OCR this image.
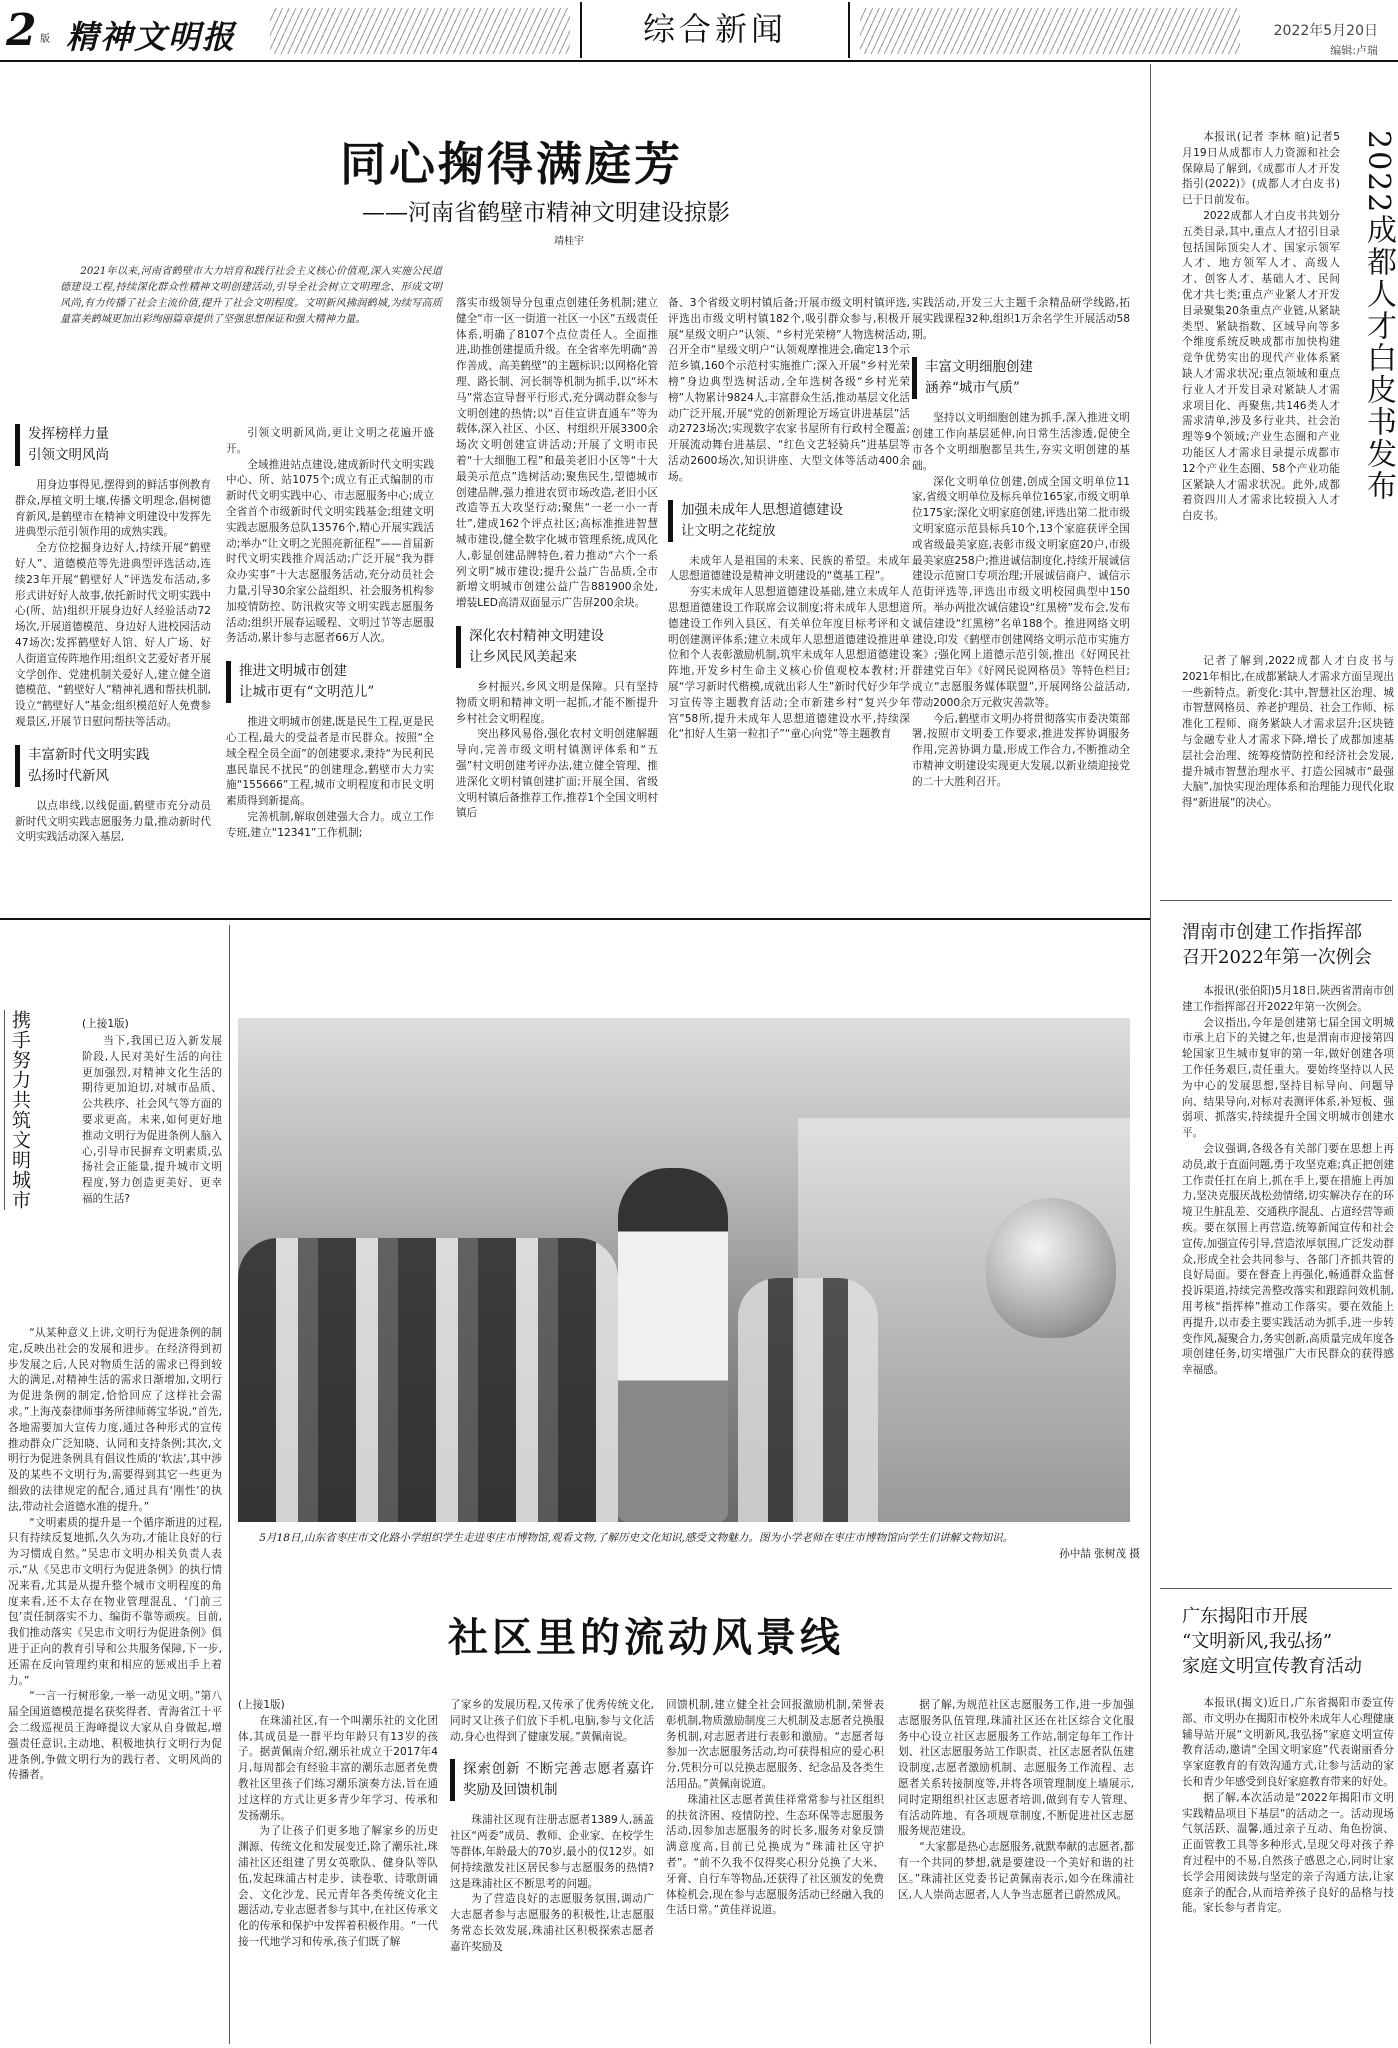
2 版 精神文明报	综合新闻	2022年5月20日
编辑:卢瑞
同心掬得满庭芳
——河南省鹤壁市精神文明建设掠影
靖桂宇
2021年以来,河南省鹤壁市大力培育和践行社会主义核心价值观,深入实施公民道德建设工程,持续深化群众性精神文明创建活动,引导全社会树立文明理念、形成文明风尚,有力传播了社会主流价值,提升了社会文明程度。文明新风拂润鹤城,为续写高质量富美鹤城更加出彩绚丽篇章提供了坚强思想保证和强大精神力量。
发挥榜样力量
引领文明风尚

用身边事得见,摆得到的鲜活事例教育群众,厚植文明土壤,传播文明理念,倡树德育新风,是鹤壁市在精神文明建设中发挥先进典型示范引领作用的成熟实践。

全方位挖掘身边好人,持续开展“鹤壁好人”、道德模范等先进典型评选活动,连续23年开展“鹤壁好人”评选发布活动,多形式讲好好人故事,依托新时代文明实践中心(所、站)组织开展身边好人经验活动72场次,开展道德模范、身边好人进校园活动47场次;发挥鹤壁好人馆、好人广场、好人街道宣传阵地作用;组织文艺爱好者开展文学创作、党建机制关爱好人,建立健全道德模范、“鹤壁好人”精神礼遇和帮扶机制,设立“鹤壁好人”基金;组织模范好人免费参观景区,开展节日慰问帮扶等活动。

丰富新时代文明实践
弘扬时代新风

以点串线,以线促面,鹤壁市充分动员新时代文明实践志愿服务力量,推动新时代文明实践活动深入基层,

引领文明新风尚,更让文明之花遍开盛开。

全域推进站点建设,建成新时代文明实践中心、所、站1075个;成立有正式编制的市新时代文明实践中心、市志愿服务中心;成立全省首个市级新时代文明实践基金;组建文明实践志愿服务总队13576个,精心开展实践活动;举办“让文明之光照亮新征程”——首届新时代文明实践推介周活动;广泛开展“我为群众办实事”十大志愿服务活动,充分动员社会力量,引导30余家公益组织、社会服务机构参加疫情防控、防汛救灾等文明实践志愿服务活动;组织开展春运暖程、文明过节等志愿服务活动,累计参与志愿者66万人次。

推进文明城市创建
让城市更有“文明范儿”

推进文明城市创建,既是民生工程,更是民心工程,最大的受益者是市民群众。按照“全域全程全员全面”的创建要求,秉持“为民利民惠民靠民不扰民”的创建理念,鹤壁市大力实施“155666”工程,城市文明程度和市民文明素质得到新提高。

完善机制,解取创建强大合力。成立工作专班,建立“12341”工作机制;

落实市级领导分包重点创建任务机制;建立健全“市一区一街道一社区一小区”五级责任体系,明确了8107个点位责任人。全面推进,助推创建提质升级。在全省率先明确“善作善成、高美鹤壁”的主题标识;以网格化管理、路长制、河长制等机制为抓手,以“坏木马”常态宣导督平行形式,充分调动群众参与文明创建的热情;以“百佳宣讲直通车”等为载体,深入社区、小区、村组织开展3300余场次文明创建宣讲活动;开展了文明市民着“十大细胞工程”和最美老旧小区等“十大最美示范点”选树活动;聚焦民生,望德城市创建品牌,强力推进农贸市场改造,老旧小区改造等五大攻坚行动;聚焦“一老一小一青壮”,建成162个评点社区;高标准推进智慧城市建设,健全数字化城市管理系统,成风化人,彰显创建品牌特色,着力推动“六个一系列文明”城市建设;提升公益广告品质,全市新增文明城市创建公益广告881900余处,增装LED高清双面显示广告屏200余块。

深化农村精神文明建设
让乡风民风美起来

乡村振兴,乡风文明是保障。只有坚持物质文明和精神文明一起抓,才能不断提升乡村社会文明程度。

突出移风易俗,强化农村文明创建解题导向,完善市级文明村镇测评体系和“五强”村文明创建考评办法,建立健全管理、推进深化文明村镇创建扩面;开展全国、省级文明村镇后备推荐工作,推荐1个全国文明村镇后

备、3个省级文明村镇后备;开展市级文明村镇评选,评选出市级文明村镇182个,吸引群众参与,积极开展“星级文明户”认领、“乡村光荣榜”人物选树活动,召开全市“星级文明户”认领观摩推进会,确定13个示范乡镇,160个示范村实施推广;深入开展“乡村光荣榜”身边典型选树活动,全年选树各级“乡村光荣榜”人物累计9824人,丰富群众生活,推动基层文化活动广泛开展,开展“党的创新理论万场宣讲进基层”活动2723场次;实现数字农家书屋所有行政村全覆盖;开展流动舞台进基层、“红色文艺轻骑兵”进基层等活动2600场次,知识讲座、大型文体等活动400余场。

加强未成年人思想道德建设
让文明之花绽放

未成年人是祖国的未来、民族的希望。未成年人思想道德建设是精神文明建设的“奠基工程”。

夯实未成年人思想道德建设基础,建立未成年人思想道德建设工作联席会议制度;将未成年人思想道德建设工作列入县区、有关单位年度目标考评和文明创建测评体系;建立未成年人思想道德建设推进单位和个人表彰激励机制,筑牢未成年人思想道德建设阵地,开发乡村生命主义核心价值观校本教材;开展“学习新时代楷模,成就出彩人生”新时代好少年学习宣传等主题教育活动;全市新建乡村“复兴少年宫”58所,提升未成年人思想道德建设水平,持续深化“扣好人生第一粒扣子”“童心向党”等主题教育

实践活动,开发三大主题千余精品研学线路,拓展实践课程32种,组织1万余名学生开展活动58期。

丰富文明细胞创建
涵养“城市气质”

坚持以文明细胞创建为抓手,深入推进文明创建工作向基层延伸,向日常生活渗透,促使全市各个文明细胞都呈共生,夯实文明创建的基础。

深化文明单位创建,创成全国文明单位11家,省级文明单位及标兵单位165家,市级文明单位175家;深化文明家庭创建,评选出第二批市级文明家庭示范县标兵10个,13个家庭获评全国或省级最美家庭,表彰市级文明家庭20户,市级最美家庭258户;推进诚信制度化,持续开展诚信建设示范窗口专项治理;开展诚信商户、诚信示范街评选等,评选出市级文明校园典型中150所。举办两批次诚信建设“红黑榜”发布会,发布诚信建设“红黑榜”名单188个。推进网络文明建设,印发《鹤壁市创建网络文明示范市实施方案》;强化网上道德示范引领,推出《好网民社群建党百年》《好网民说网格员》等特色栏目;成立“志愿服务媒体联盟”,开展网络公益活动,带动2000余万元救灾善款等。

今后,鹤壁市文明办将贯彻落实市委决策部署,按照市文明委工作要求,推进发挥协调服务作用,完善协调力量,形成工作合力,不断推动全市精神文明建设实现更大发展,以新业绩迎接党的二十大胜利召开。

2022成都人才白皮书发布

本报讯(记者 李林 暄)记者5月19日从成都市人力资源和社会保障局了解到,《成都市人才开发指引(2022)》(成都人才白皮书)已于日前发布。

2022成都人才白皮书共划分五类目录,其中,重点人才招引目录包括国际顶尖人才、国家示领军人才、地方领军人才、高级人才、创客人才、基础人才、民间优才共七类;重点产业紧人才开发目录聚集20条重点产业链,从紧缺类型、紧缺指数、区域导向等多个维度系统反映成都市加快构建竞争优势实出的现代产业体系紧缺人才需求状况;重点领域和重点行业人才开发目录对紧缺人才需求项目化、再聚焦,共146类人才需求清单,涉及多行业共、社会治理等9个领域;产业生态圈和产业功能区人才需求目录提示成都市12个产业生态圈、58个产业功能区紧缺人才需求状况。此外,成都着资四川人才需求比较损入人才白皮书。

记者了解到,2022成都人才白皮书与2021年相比,在成都紧缺人才需求方面呈现出一些新特点。新变化:其中,智慧社区治理、城市智慧网格员、养老护理员、社会工作师、标准化工程师、商务紧缺人才需求层升;区块链与金融专业人才需求下降,增长了成都加速基层社会治理、统筹疫情防控和经济社会发展,提升城市智慧治理水平、打造公园城市“最强大脑”,加快实现治理体系和治理能力现代化取得“新进展”的决心。

渭南市创建工作指挥部
召开2022年第一次例会

本报讯(张伯阳)5月18日,陕西省渭南市创建工作指挥部召开2022年第一次例会。

会议指出,今年是创建第七届全国文明城市承上启下的关键之年,也是渭南市迎接第四轮国家卫生城市复审的第一年,做好创建各项工作任务艰巨,责任重大。要始终坚持以人民为中心的发展思想,坚持目标导向、问题导向、结果导向,对标对表测评体系,补短板、强弱项、抓落实,持续提升全国文明城市创建水平。

会议强调,各级各有关部门要在思想上再动员,敢于直面问题,勇于攻坚克难;真正把创建工作责任扛在肩上,抓在手上,要在措施上再加力,坚决克服厌战松劲情绪,切实解决存在的环境卫生脏乱差、交通秩序混乱、占道经营等顽疾。要在氛围上再营造,统筹新闻宣传和社会宣传,加强宣传引导,营造浓厚氛围,广泛发动群众,形成全社会共同参与、各部门齐抓共管的良好局面。要在督查上再强化,畅通群众监督投诉渠道,持续完善整改落实和跟踪问效机制,用考核“指挥棒”推动工作落实。要在效能上再提升,以市委主要实践活动为抓手,进一步转变作风,凝聚合力,务实创新,高质量完成年度各项创建任务,切实增强广大市民群众的获得感幸福感。

广东揭阳市开展
“文明新风,我弘扬”
家庭文明宣传教育活动

本报讯(揭文)近日,广东省揭阳市委宣传部、市文明办在揭阳市校外未成年人心理健康辅导站开展“文明新风,我弘扬”家庭文明宣传教育活动,邀请“全国文明家庭”代表谢丽香分享家庭教育的有效沟通方式,让参与活动的家长和青少年感受到良好家庭教育带来的好处。

据了解,本次活动是“2022年揭阳市文明实践精品项目下基层”的活动之一。活动现场气氛活跃、温馨,通过亲子互动、角色扮演、正面管教工具等多种形式,呈现父母对孩子养育过程中的不易,自然孩子感恩之心,同时让家长学会用阅读鼓与坚定的亲子沟通方法,让家庭亲子的配合,从而培养孩子良好的品格与技能。家长参与者肯定。

携手努力共筑文明城市	(上接1版)

当下,我国已迈入新发展阶段,人民对美好生活的向往更加强烈,对精神文化生活的期待更加迫切,对城市品质、公共秩序、社会风气等方面的要求更高。未来,如何更好地推动文明行为促进条例人脑入心,引导市民摒弃文明素质,弘扬社会正能量,提升城市文明程度,努力创造更美好、更幸福的生活?

“从某种意义上讲,文明行为促进条例的制定,反映出社会的发展和进步。在经济得到初步发展之后,人民对物质生活的需求已得到较大的满足,对精神生活的需求日渐增加,文明行为促进条例的制定,恰恰回应了这样社会需求。”上海茂泰律师事务所律师蒋宝华说,“首先,各地需要加大宣传力度,通过各种形式的宣传推动群众广泛知晓、认同和支持条例;其次,文明行为促进条例具有倡议性质的‘软法’,其中涉及的某些不文明行为,需要得到其它一些更为细致的法律规定的配合,通过具有‘刚性’的执法,带动社会道德水准的提升。”

“文明素质的提升是一个循序渐进的过程,只有持续反复地抓,久久为功,才能让良好的行为习惯成自然。”吴忠市文明办相关负责人表示,“从《吴忠市文明行为促进条例》的执行情况来看,尤其是从提升整个城市文明程度的角度来看,还不太存在物业管理混乱、‘门前三包’责任制落实不力、编街不靠等顽疾。目前,我们推动落实《吴忠市文明行为促进条例》俱进于正向的教育引导和公共服务保障,下一步,还需在反向管理约束和相应的惩戒出手上着力。”

“一言一行树形象,一举一动见文明。”第八届全国道德模范提名获奖得者、青海省江十平会二级巡视员王海峰提议大家从自身做起,增强责任意识,主动地、积极地执行文明行为促进条例,争做文明行为的践行者、文明风尚的传播者。

5月18日,山东省枣庄市文化路小学组织学生走进枣庄市博物馆,观看文物,了解历史文化知识,感受文物魅力。图为小学老师在枣庄市博物馆向学生们讲解文物知识。
孙中喆 张树茂 摄
社区里的流动风景线

(上接1版)

在珠浦社区,有一个叫潮乐社的文化团体,其成员是一群平均年龄只有13岁的孩子。据黄佩南介绍,潮乐社成立于2017年4月,每周都会有经验丰富的潮乐志愿者免费教社区里孩子们练习潮乐演奏方法,旨在通过这样的方式让更多青少年学习、传承和发扬潮乐。

为了让孩子们更多地了解家乡的历史渊源、传统文化和发展变迁,除了潮乐社,珠浦社区还组建了男女英歌队、健身队等队伍,发起珠浦古村走步、读卷歌、诗歌朗诵会、文化沙龙、民元青年各类传统文化主题活动,专业志愿者参与其中,在社区传承文化的传承和保护中发挥着积极作用。“一代接一代地学习和传承,孩子们既了解

了家乡的发展历程,又传承了优秀传统文化,同时又让孩子们放下手机,电脑,参与文化活动,身心也得到了健康发展。”黄佩南说。

探索创新 不断完善志愿者嘉许奖励及回馈机制

珠浦社区现有注册志愿者1389人,涵盖社区“两委”成员、教师、企业家、在校学生等群体,年龄最大的70岁,最小的仅12岁。如何持续激发社区居民参与志愿服务的热情?这是珠浦社区不断思考的问题。

为了营造良好的志愿服务氛围,调动广大志愿者参与志愿服务的积极性,让志愿服务常态长效发展,珠浦社区积极探索志愿者嘉许奖励及

回馈机制,建立健全社会回报激励机制,荣誉表彰机制,物质激励制度三大机制及志愿者兑换服务机制,对志愿者进行表彰和激励。“志愿者每参加一次志愿服务活动,均可获得相应的爱心积分,凭积分可以兑换志愿服务、纪念品及各类生活用品。”黄佩南说道。

珠浦社区志愿者黄佳祥常常参与社区组织的扶贫济困、疫情防控、生态环保等志愿服务活动,因参加志愿服务的时长多,服务对象反馈满意度高,目前已兑换成为“珠浦社区守护者”。“前不久我不仅得奖心积分兑换了大米、牙膏、自行车等物品,还获得了社区颁发的免费体检机会,现在参与志愿服务活动已经融入我的生活日常。”黄佳祥说道。

据了解,为规范社区志愿服务工作,进一步加强志愿服务队伍管理,珠浦社区还在社区综合文化服务中心设立社区志愿服务工作站,制定每年工作计划、社区志愿服务站工作职责、社区志愿者队伍建设制度,志愿者激励机制、志愿服务工作流程、志愿者关系转接制度等,并将各项管理制度上墙展示,同时定期组织社区志愿者培训,做到有专人管理、有活动阵地、有各项规章制度,不断促进社区志愿服务规范建设。

“大家都是热心志愿服务,就默奉献的志愿者,都有一个共同的梦想,就是要建设一个美好和谐的社区。”珠浦社区党委书记黄佩南表示,如今在珠浦社区,人人崇尚志愿者,人人争当志愿者已蔚然成风。
